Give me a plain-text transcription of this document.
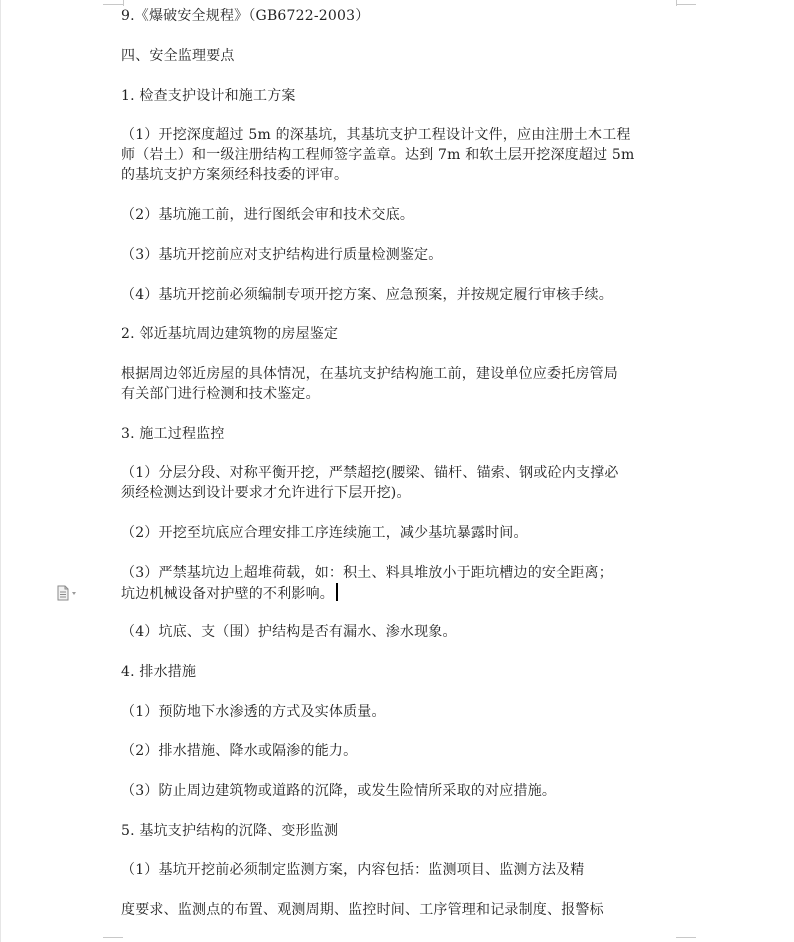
9.《爆破安全规程》（GB6722-2003）
四、安全监理要点
1. 检查支护设计和施工方案
（1）开挖深度超过 5m 的深基坑，其基坑支护工程设计文件，应由注册土木工程
师（岩土）和一级注册结构工程师签字盖章。达到 7m 和软土层开挖深度超过 5m
的基坑支护方案须经科技委的评审。
（2）基坑施工前，进行图纸会审和技术交底。
（3）基坑开挖前应对支护结构进行质量检测鉴定。
（4）基坑开挖前必须编制专项开挖方案、应急预案，并按规定履行审核手续。
2. 邻近基坑周边建筑物的房屋鉴定
根据周边邻近房屋的具体情况，在基坑支护结构施工前，建设单位应委托房管局
有关部门进行检测和技术鉴定。
3. 施工过程监控
（1）分层分段、对称平衡开挖，严禁超挖(腰梁、锚杆、锚索、钢或砼内支撑必
须经检测达到设计要求才允许进行下层开挖)。
（2）开挖至坑底应合理安排工序连续施工，减少基坑暴露时间。
（3）严禁基坑边上超堆荷载，如：积土、料具堆放小于距坑槽边的安全距离；
坑边机械设备对护壁的不利影响。
（4）坑底、支（围）护结构是否有漏水、渗水现象。
4. 排水措施
（1）预防地下水渗透的方式及实体质量。
（2）排水措施、降水或隔渗的能力。
（3）防止周边建筑物或道路的沉降，或发生险情所采取的对应措施。
5. 基坑支护结构的沉降、变形监测
（1）基坑开挖前必须制定监测方案，内容包括：监测项目、监测方法及精
度要求、监测点的布置、观测周期、监控时间、工序管理和记录制度、报警标
